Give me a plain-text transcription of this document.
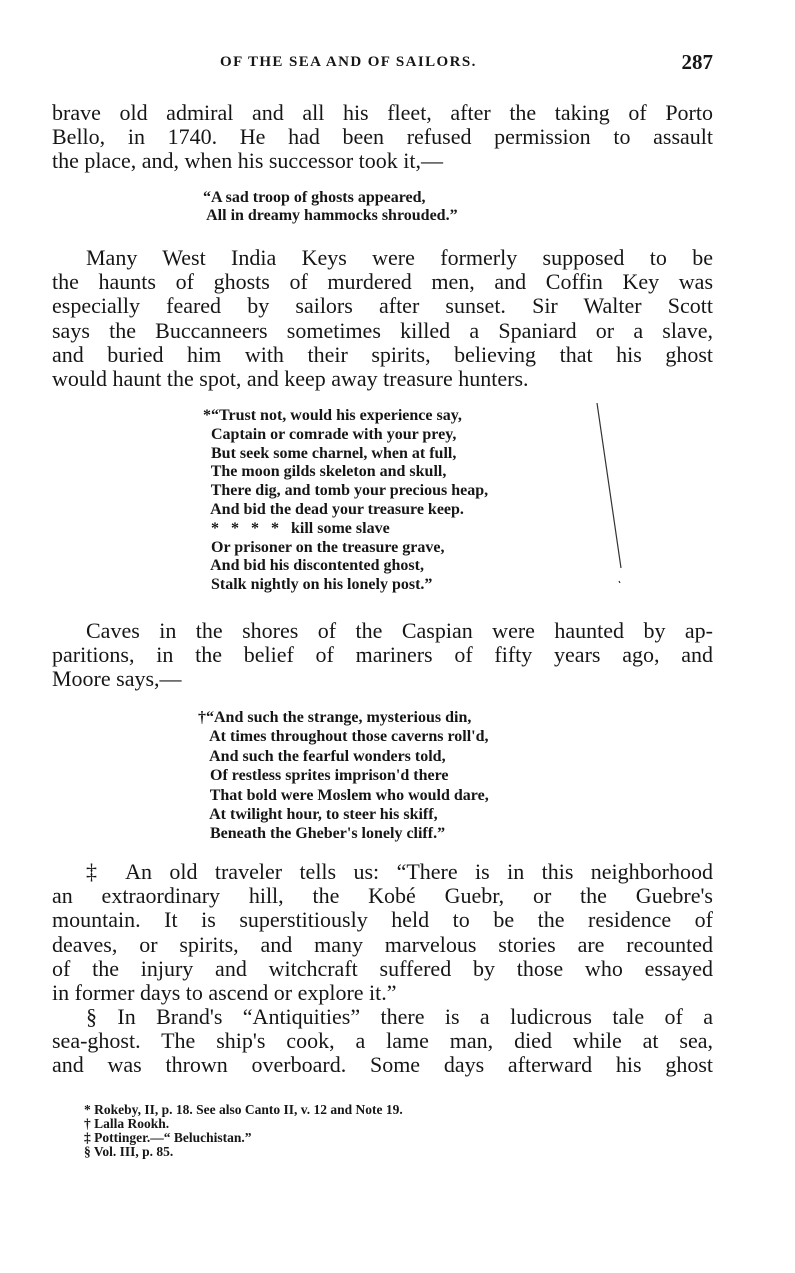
OF THE SEA AND OF SAILORS.	287
brave old admiral and all his fleet, after the taking of Porto
Bello, in 1740. He had been refused permission to assault
the place, and, when his successor took it,—
“A sad troop of ghosts appeared,
All in dreamy hammocks shrouded.”
Many West India Keys were formerly supposed to be
the haunts of ghosts of murdered men, and Coffin Key was
especially feared by sailors after sunset. Sir Walter Scott
says the Buccanneers sometimes killed a Spaniard or a slave,
and buried him with their spirits, believing that his ghost
would haunt the spot, and keep away treasure hunters.
*“Trust not, would his experience say,
Captain or comrade with your prey,
But seek some charnel, when at full,
The moon gilds skeleton and skull,
There dig, and tomb your precious heap,
And bid the dead your treasure keep.
*   *   *   *   kill some slave
Or prisoner on the treasure grave,
And bid his discontented ghost,
Stalk nightly on his lonely post.”
Caves in the shores of the Caspian were haunted by ap-
paritions, in the belief of mariners of fifty years ago, and
Moore says,—
†“And such the strange, mysterious din,
At times throughout those caverns roll'd,
And such the fearful wonders told,
Of restless sprites imprison'd there
That bold were Moslem who would dare,
At twilight hour, to steer his skiff,
Beneath the Gheber's lonely cliff.”
‡ An old traveler tells us: “There is in this neighborhood
an extraordinary hill, the Kobé Guebr, or the Guebre's
mountain. It is superstitiously held to be the residence of
deaves, or spirits, and many marvelous stories are recounted
of the injury and witchcraft suffered by those who essayed
in former days to ascend or explore it.”
§ In Brand's “Antiquities” there is a ludicrous tale of a
sea-ghost. The ship's cook, a lame man, died while at sea,
and was thrown overboard. Some days afterward his ghost
* Rokeby, II, p. 18. See also Canto II, v. 12 and Note 19.
† Lalla Rookh.
‡ Pottinger.—“ Beluchistan.”
§ Vol. III, p. 85.
